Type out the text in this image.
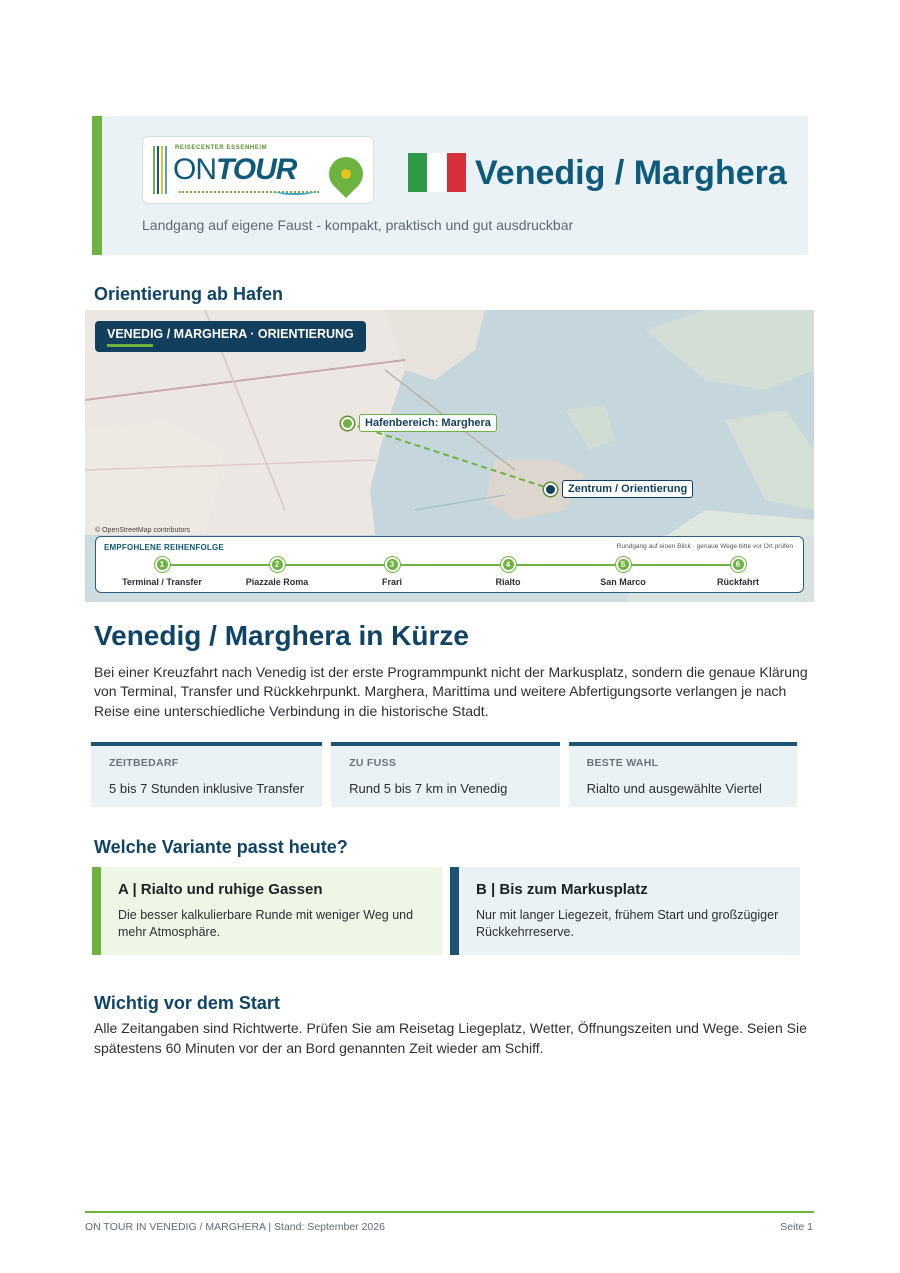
REISECENTER ESSENHEIM
ONTOUR	Venedig / Marghera
Landgang auf eigene Faust - kompakt, praktisch und gut ausdruckbar
Orientierung ab Hafen
VENEDIG / MARGHERA · ORIENTIERUNG
Hafenbereich: Marghera
Zentrum / Orientierung
© OpenStreetMap contributors
EMPFOHLENE REIHENFOLGE	Rundgang auf einen Blick · genaue Wege bitte vor Ort prüfen
1
Terminal / Transfer
2
Piazzale Roma
3
Frari
4
Rialto
5
San Marco
6
Rückfahrt
Venedig / Marghera in Kürze

Bei einer Kreuzfahrt nach Venedig ist der erste Programmpunkt nicht der Markusplatz, sondern die genaue Klärung von Terminal, Transfer und Rückkehrpunkt. Marghera, Marittima und weitere Abfertigungsorte verlangen je nach Reise eine unterschiedliche Verbindung in die historische Stadt.

ZEITBEDARF
5 bis 7 Stunden inklusive Transfer
ZU FUSS
Rund 5 bis 7 km in Venedig
BESTE WAHL
Rialto und ausgewählte Viertel
Welche Variante passt heute?
A | Rialto und ruhige Gassen
Die besser kalkulierbare Runde mit weniger Weg und mehr Atmosphäre.
B | Bis zum Markusplatz
Nur mit langer Liegezeit, frühem Start und großzügiger Rückkehrreserve.
Wichtig vor dem Start

Alle Zeitangaben sind Richtwerte. Prüfen Sie am Reisetag Liegeplatz, Wetter, Öffnungszeiten und Wege. Seien Sie spätestens 60 Minuten vor der an Bord genannten Zeit wieder am Schiff.

ON TOUR IN VENEDIG / MARGHERA | Stand: September 2026	Seite 1
